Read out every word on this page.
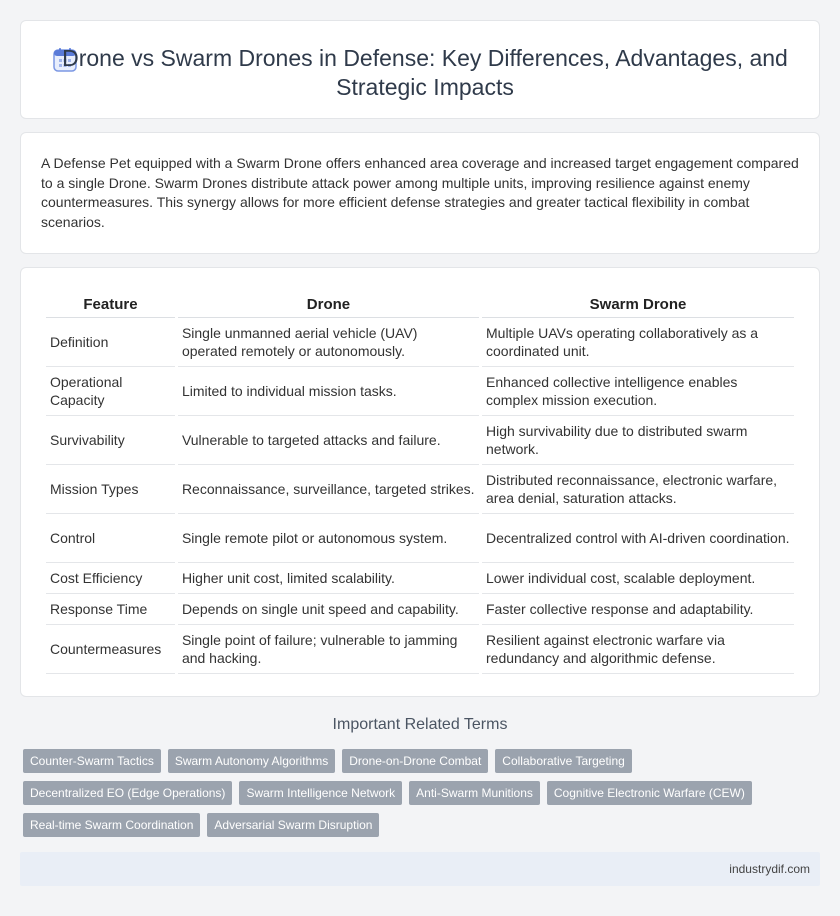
Drone vs Swarm Drones in Defense: Key Differences, Advantages, and Strategic Impacts

A Defense Pet equipped with a Swarm Drone offers enhanced area coverage and increased target engagement compared to a single Drone. Swarm Drones distribute attack power among multiple units, improving resilience against enemy countermeasures. This synergy allows for more efficient defense strategies and greater tactical flexibility in combat scenarios.

Feature	Drone	Swarm Drone
Definition	Single unmanned aerial vehicle (UAV) operated remotely or autonomously.	Multiple UAVs operating collaboratively as a coordinated unit.
Operational Capacity	Limited to individual mission tasks.	Enhanced collective intelligence enables complex mission execution.
Survivability	Vulnerable to targeted attacks and failure.	High survivability due to distributed swarm network.
Mission Types	Reconnaissance, surveillance, targeted strikes.	Distributed reconnaissance, electronic warfare, area denial, saturation attacks.
Control	Single remote pilot or autonomous system.	Decentralized control with AI-driven coordination.
Cost Efficiency	Higher unit cost, limited scalability.	Lower individual cost, scalable deployment.
Response Time	Depends on single unit speed and capability.	Faster collective response and adaptability.
Countermeasures	Single point of failure; vulnerable to jamming and hacking.	Resilient against electronic warfare via redundancy and algorithmic defense.
Important Related Terms
Counter-Swarm Tactics	Swarm Autonomy Algorithms	Drone-on-Drone Combat	Collaborative Targeting
Decentralized EO (Edge Operations)	Swarm Intelligence Network	Anti-Swarm Munitions	Cognitive Electronic Warfare (CEW)
Real-time Swarm Coordination	Adversarial Swarm Disruption
industrydif.com
